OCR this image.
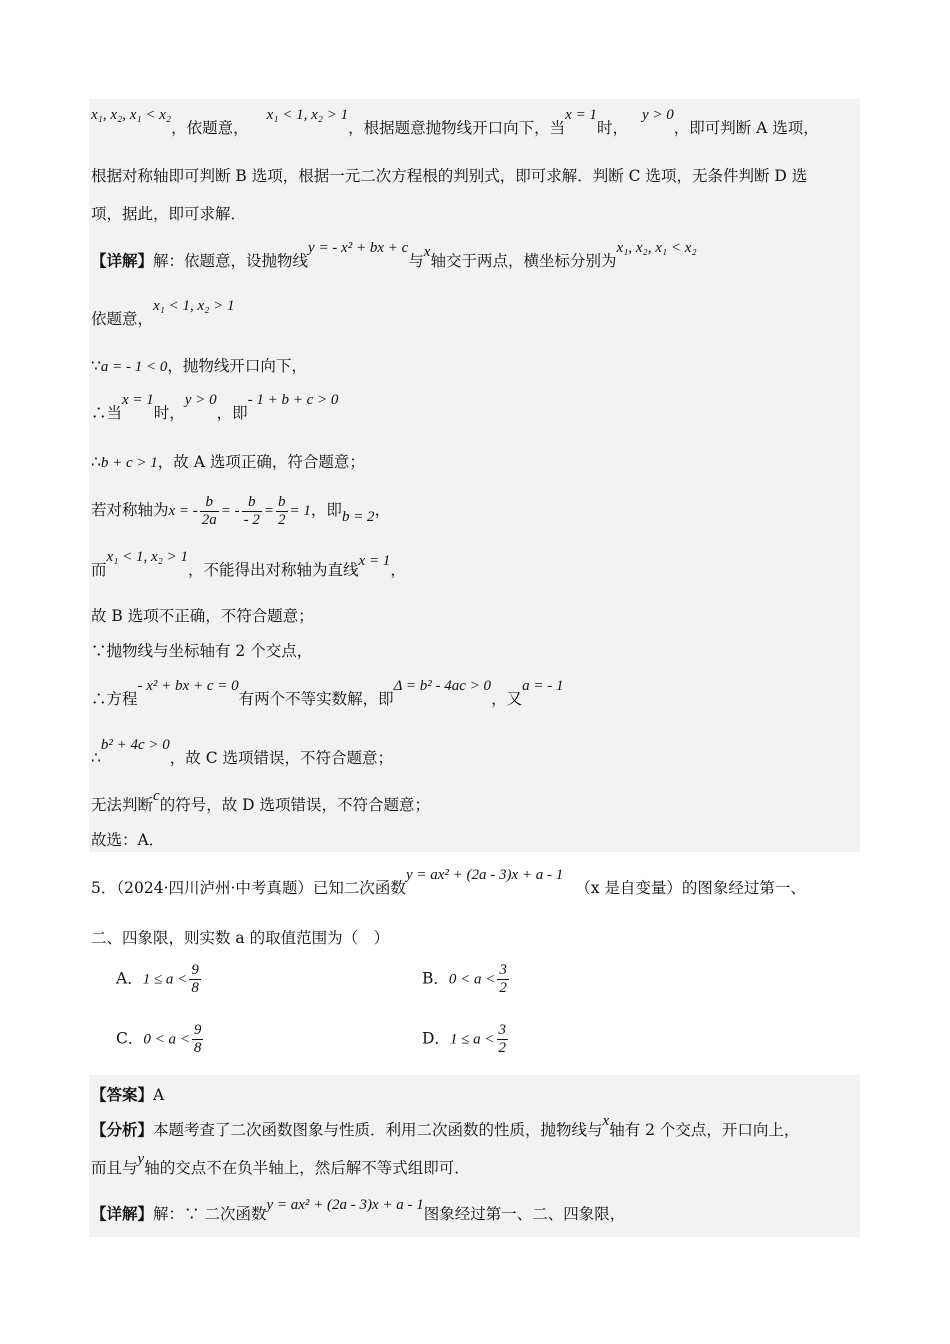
x₁, x₂, x₁ < x₂，依题意，x₁ < 1, x₂ > 1，根据题意抛物线开口向下，当x = 1时，y > 0，即可判断 A 选项，
根据对称轴即可判断 B 选项，根据一元二次方程根的判别式，即可求解．判断 C 选项，无条件判断 D 选
项，据此，即可求解．
【详解】解：依题意，设抛物线y = - x² + bx + c与x轴交于两点，横坐标分别为x₁, x₂, x₁ < x₂
依题意，x₁ < 1, x₂ > 1
∵a = - 1 < 0，抛物线开口向下，
∴当x = 1时，y > 0，即- 1 + b + c > 0
∴b + c > 1，故 A 选项正确，符合题意；
若对称轴为x = - $\frac{b}{2a}$ = - $\frac{b}{- 2} = \frac{b}{2} = 1$，即b = 2，
而x₁ < 1, x₂ > 1，不能得出对称轴为直线x = 1，
故 B 选项不正确，不符合题意；
∵抛物线与坐标轴有 2 个交点，
∴方程- x² + bx + c = 0有两个不等实数解，即Δ = b² - 4ac > 0，又a = - 1
∴b² + 4c > 0，故 C 选项错误，不符合题意；
无法判断c的符号，故 D 选项错误，不符合题意；
故选：A．
5．（2024·四川泸州·中考真题）已知二次函数y = ax² + (2a - 3)x + a - 1（x 是自变量）的图象经过第一、
二、四象限，则实数 a 的取值范围为（　）
A．$1 \le a < \frac{9}{8}$	B．$0 < a < \frac{3}{2}$
C．$0 < a < \frac{9}{8}$	D．$1 \le a < \frac{3}{2}$
【答案】A
【分析】本题考查了二次函数图象与性质．利用二次函数的性质，抛物线与x轴有 2 个交点，开口向上，
而且与y轴的交点不在负半轴上，然后解不等式组即可．
【详解】解：∵ 二次函数y = ax² + (2a - 3)x + a - 1图象经过第一、二、四象限，
